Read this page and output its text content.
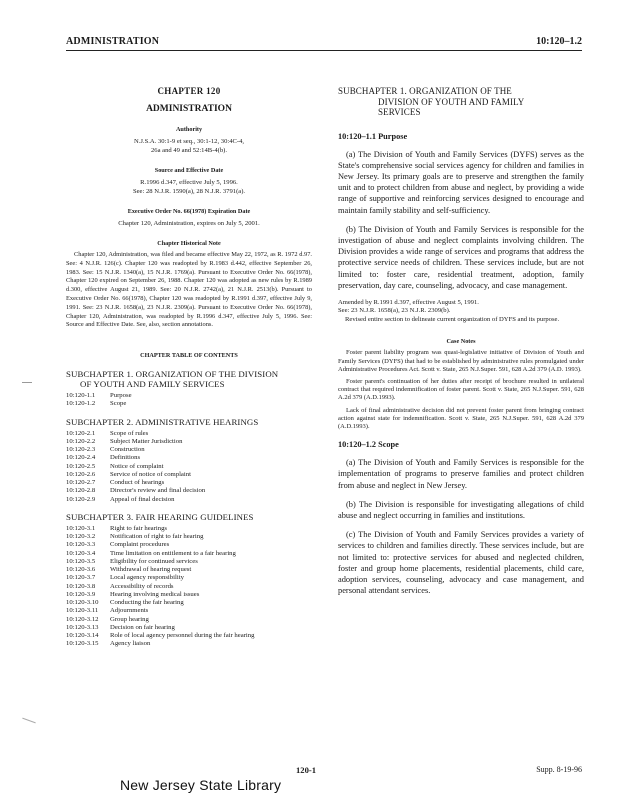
ADMINISTRATION	10:120–1.2
CHAPTER 120
ADMINISTRATION
Authority
N.J.S.A. 30:1-9 et seq., 30:1-12, 30:4C-4,
26a and 49 and 52:14B-4(b).
Source and Effective Date
R.1996 d.347, effective July 5, 1996.
See: 28 N.J.R. 1590(a), 28 N.J.R. 3791(a).
Executive Order No. 66(1978) Expiration Date
Chapter 120, Administration, expires on July 5, 2001.
Chapter Historical Note
Chapter 120, Administration, was filed and became effective May 22, 1972, as R. 1972 d.97. See: 4 N.J.R. 126(c). Chapter 120 was readopted by R.1983 d.442, effective September 26, 1983. See: 15 N.J.R. 1340(a), 15 N.J.R. 1769(a). Pursuant to Executive Order No. 66(1978), Chapter 120 expired on September 26, 1988. Chapter 120 was adopted as new rules by R.1989 d.300, effective August 21, 1989. See: 20 N.J.R. 2742(a), 21 N.J.R. 2513(b). Pursuant to Executive Order No. 66(1978), Chapter 120 was readopted by R.1991 d.397, effective July 9, 1991. See: 23 N.J.R. 1658(a), 23 N.J.R. 2309(a). Pursuant to Executive Order No. 66(1978), Chapter 120, Administration, was readopted by R.1996 d.347, effective July 5, 1996. See: Source and Effective Date. See, also, section annotations.
CHAPTER TABLE OF CONTENTS
SUBCHAPTER 1. ORGANIZATION OF THE DIVISION
OF YOUTH AND FAMILY SERVICES
10:120-1.1	Purpose
10:120-1.2	Scope
SUBCHAPTER 2. ADMINISTRATIVE HEARINGS
10:120-2.1	Scope of rules
10:120-2.2	Subject Matter Jurisdiction
10:120-2.3	Construction
10:120-2.4	Definitions
10:120-2.5	Notice of complaint
10:120-2.6	Service of notice of complaint
10:120-2.7	Conduct of hearings
10:120-2.8	Director's review and final decision
10:120-2.9	Appeal of final decision
SUBCHAPTER 3. FAIR HEARING GUIDELINES
10:120-3.1	Right to fair hearings
10:120-3.2	Notification of right to fair hearing
10:120-3.3	Complaint procedures
10:120-3.4	Time limitation on entitlement to a fair hearing
10:120-3.5	Eligibility for continued services
10:120-3.6	Withdrawal of hearing request
10:120-3.7	Local agency responsibility
10:120-3.8	Accessibility of records
10:120-3.9	Hearing involving medical issues
10:120-3.10	Conducting the fair hearing
10:120-3.11	Adjournments
10:120-3.12	Group hearing
10:120-3.13	Decision on fair hearing
10:120-3.14	Role of local agency personnel during the fair hearing
10:120-3.15	Agency liaison
SUBCHAPTER 1. ORGANIZATION OF THE
DIVISION OF YOUTH AND FAMILY
SERVICES
10:120–1.1 Purpose
(a) The Division of Youth and Family Services (DYFS) serves as the State's comprehensive social services agency for children and families in New Jersey. Its primary goals are to preserve and strengthen the family unit and to protect children from abuse and neglect, by providing a wide range of supportive and reinforcing services designed to encourage and maintain family stability and self-sufficiency.
(b) The Division of Youth and Family Services is responsible for the investigation of abuse and neglect complaints involving children. The Division provides a wide range of services and programs that address the protective service needs of children. These services include, but are not limited to: foster care, residential treatment, adoption, family preservation, day care, counseling, advocacy, and case management.
Amended by R.1991 d.397, effective August 5, 1991.
See: 23 N.J.R. 1658(a), 23 N.J.R. 2309(b).
Revised entire section to delineate current organization of DYFS and its purpose.
Case Notes
Foster parent liability program was quasi-legislative initiative of Division of Youth and Family Services (DYFS) that had to be established by administrative rules promulgated under Administrative Procedures Act. Scott v. State, 265 N.J.Super. 591, 628 A.2d 379 (A.D. 1993).
Foster parent's continuation of her duties after receipt of brochure resulted in unilateral contract that required indemnification of foster parent. Scott v. State, 265 N.J.Super. 591, 628 A.2d 379 (A.D.1993).
Lack of final administrative decision did not prevent foster parent from bringing contract action against state for indemnification. Scott v. State, 265 N.J.Super. 591, 628 A.2d 379 (A.D.1993).
10:120–1.2 Scope
(a) The Division of Youth and Family Services is responsible for the implementation of programs to preserve families and protect children from abuse and neglect in New Jersey.
(b) The Division is responsible for investigating allegations of child abuse and neglect occurring in families and institutions.
(c) The Division of Youth and Family Services provides a variety of services to children and families directly. These services include, but are not limited to: protective services for abused and neglected children, foster and group home placements, residential placements, child care, adoption services, counseling, advocacy and case management, and personal attendant services.
120-1	Supp. 8-19-96
New Jersey State Library
